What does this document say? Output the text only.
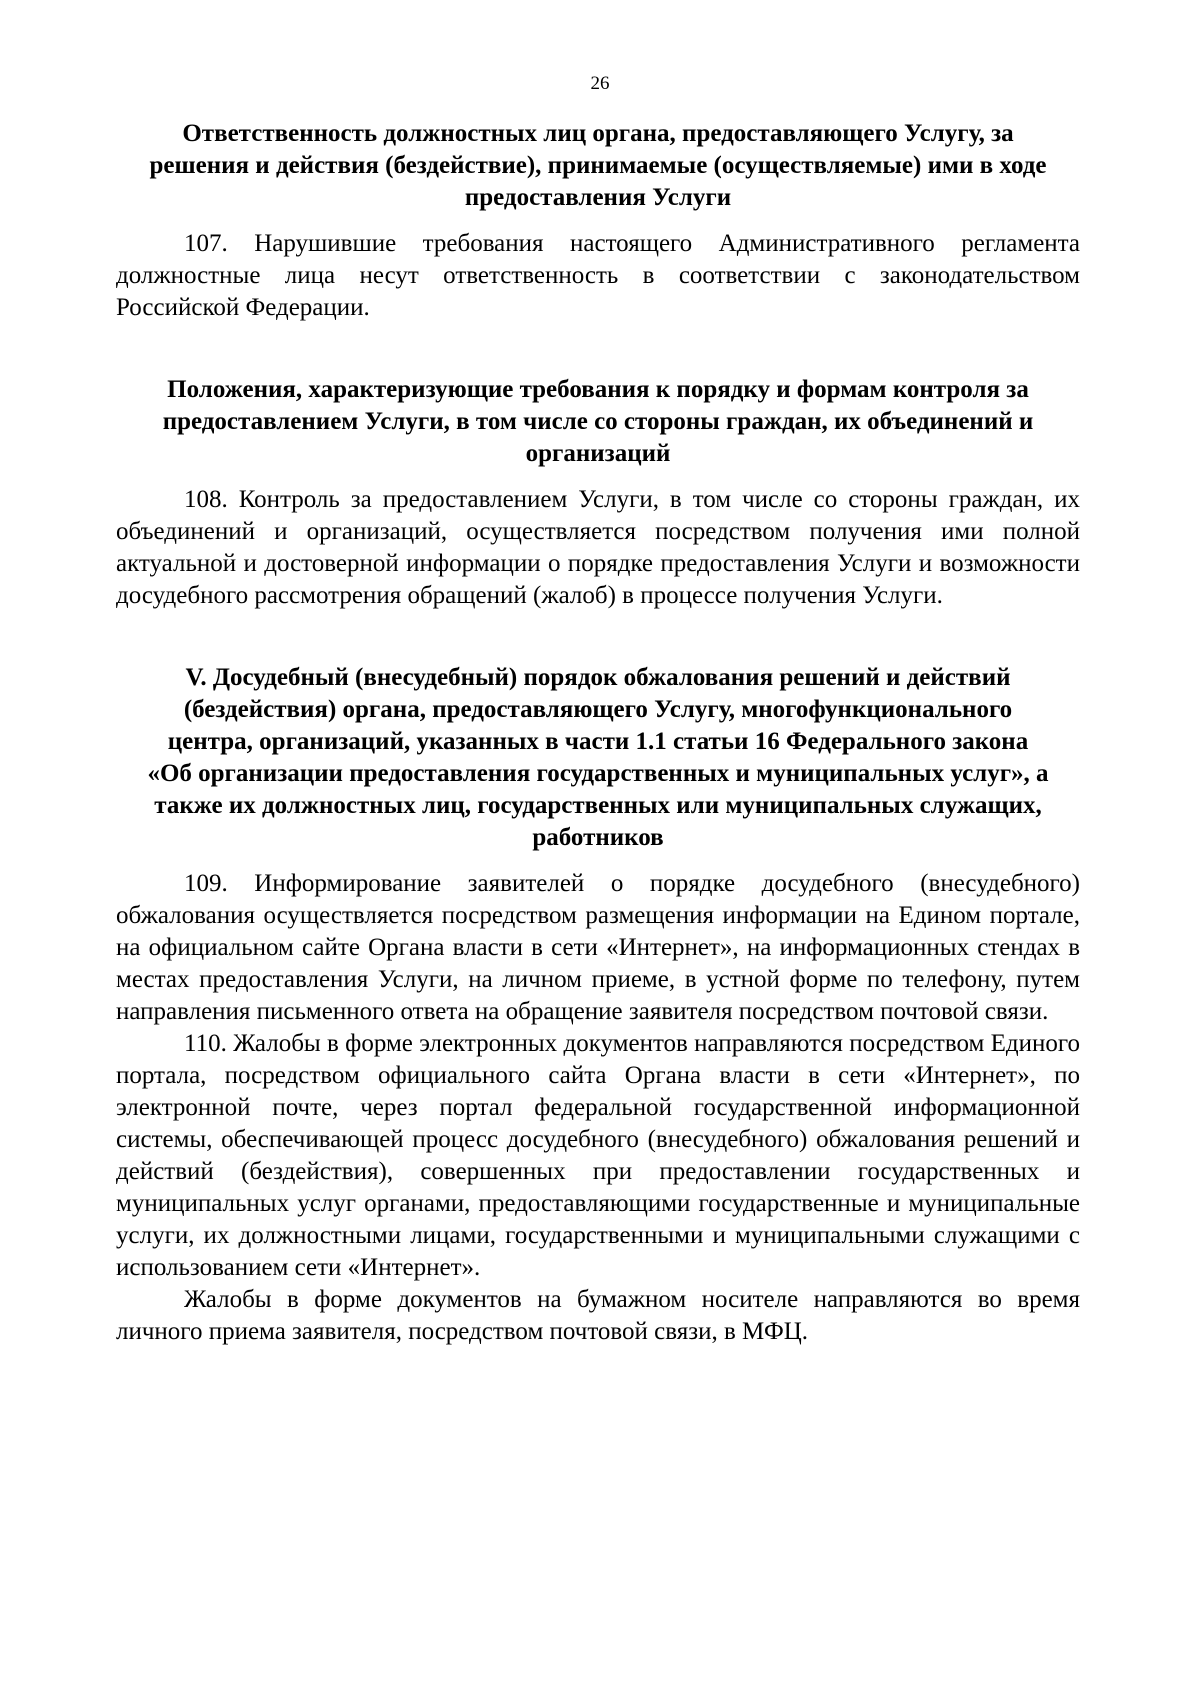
26
Ответственность должностных лиц органа, предоставляющего Услугу, за
решения и действия (бездействие), принимаемые (осуществляемые) ими в ходе
предоставления Услуги

107. Нарушившие требования настоящего Административного регламента должностные лица несут ответственность в соответствии с законодательством Российской Федерации.

Положения, характеризующие требования к порядку и формам контроля за
предоставлением Услуги, в том числе со стороны граждан, их объединений и
организаций

108. Контроль за предоставлением Услуги, в том числе со стороны граждан, их объединений и организаций, осуществляется посредством получения ими полной актуальной и достоверной информации о порядке предоставления Услуги и возможности досудебного рассмотрения обращений (жалоб) в процессе получения Услуги.

V. Досудебный (внесудебный) порядок обжалования решений и действий
(бездействия) органа, предоставляющего Услугу, многофункционального
центра, организаций, указанных в части 1.1 статьи 16 Федерального закона
«Об организации предоставления государственных и муниципальных услуг», а
также их должностных лиц, государственных или муниципальных служащих,
работников

109. Информирование заявителей о порядке досудебного (внесудебного) обжалования осуществляется посредством размещения информации на Едином портале, на официальном сайте Органа власти в сети «Интернет», на информационных стендах в местах предоставления Услуги, на личном приеме, в устной форме по телефону, путем направления письменного ответа на обращение заявителя посредством почтовой связи.

110. Жалобы в форме электронных документов направляются посредством Единого портала, посредством официального сайта Органа власти в сети «Интернет», по электронной почте, через портал федеральной государственной информационной системы, обеспечивающей процесс досудебного (внесудебного) обжалования решений и действий (бездействия), совершенных при предоставлении государственных и муниципальных услуг органами, предоставляющими государственные и муниципальные услуги, их должностными лицами, государственными и муниципальными служащими с использованием сети «Интернет».

Жалобы в форме документов на бумажном носителе направляются во время личного приема заявителя, посредством почтовой связи, в МФЦ.
